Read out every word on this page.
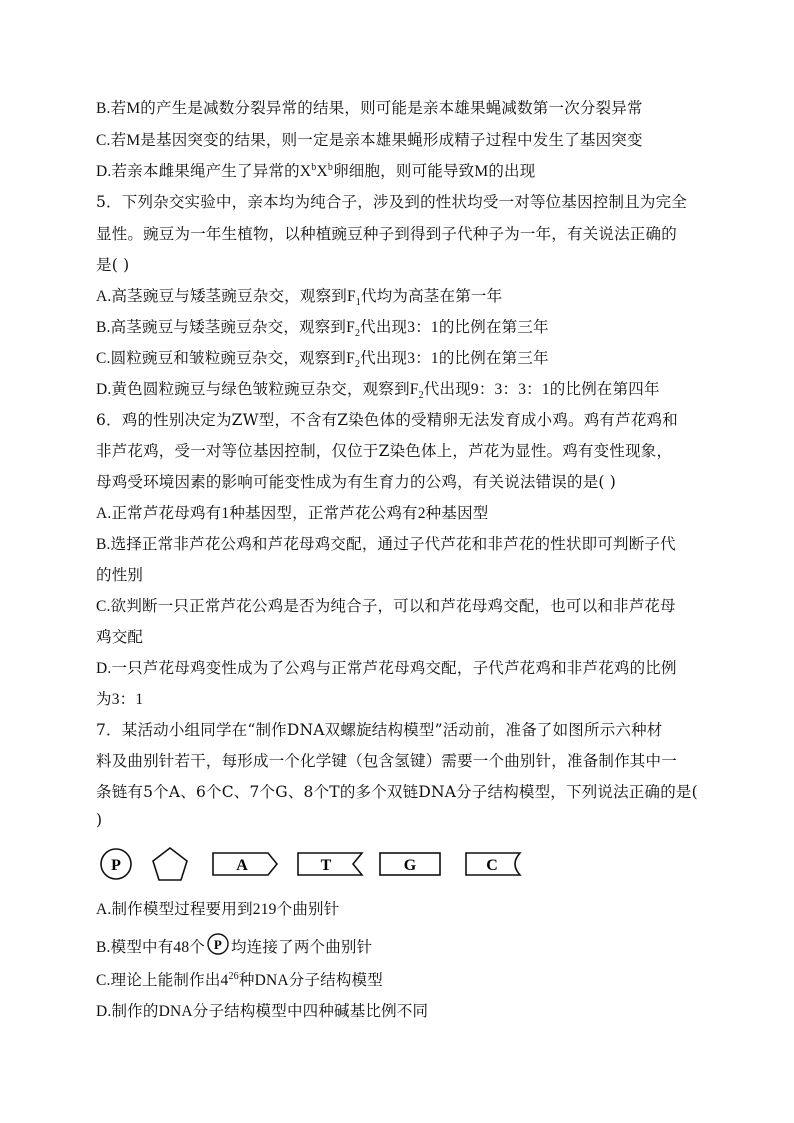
B.若M的产生是减数分裂异常的结果，则可能是亲本雄果蝇减数第一次分裂异常
C.若M是基因突变的结果，则一定是亲本雄果蝇形成精子过程中发生了基因突变
D.若亲本雌果绳产生了异常的$X^bX^b$卵细胞，则可能导致M的出现
5．下列杂交实验中，亲本均为纯合子，涉及到的性状均受一对等位基因控制且为完全
显性。豌豆为一年生植物，以种植豌豆种子到得到子代种子为一年，有关说法正确的
是( )
A.高茎豌豆与矮茎豌豆杂交，观察到$F_1$代均为高茎在第一年
B.高茎豌豆与矮茎豌豆杂交，观察到$F_2$代出现3：1的比例在第三年
C.圆粒豌豆和皱粒豌豆杂交，观察到$F_2$代出现3：1的比例在第三年
D.黄色圆粒豌豆与绿色皱粒豌豆杂交，观察到$F_2$代出现9：3：3：1的比例在第四年
6．鸡的性别决定为ZW型，不含有Z染色体的受精卵无法发育成小鸡。鸡有芦花鸡和
非芦花鸡，受一对等位基因控制，仅位于Z染色体上，芦花为显性。鸡有变性现象，
母鸡受环境因素的影响可能变性成为有生育力的公鸡，有关说法错误的是( )
A.正常芦花母鸡有1种基因型，正常芦花公鸡有2种基因型
B.选择正常非芦花公鸡和芦花母鸡交配，通过子代芦花和非芦花的性状即可判断子代
的性别
C.欲判断一只正常芦花公鸡是否为纯合子，可以和芦花母鸡交配，也可以和非芦花母
鸡交配
D.一只芦花母鸡变性成为了公鸡与正常芦花母鸡交配，子代芦花鸡和非芦花鸡的比例
为3：1
7．某活动小组同学在“制作DNA双螺旋结构模型”活动前，准备了如图所示六种材
料及曲别针若干，每形成一个化学键（包含氢键）需要一个曲别针，准备制作其中一
条链有5个A、6个C、7个G、8个T的多个双链DNA分子结构模型，下列说法正确的是(
)
P	A	T	G	C
A.制作模型过程要用到219个曲别针
B.模型中有48个 P 均连接了两个曲别针
C.理论上能制作出$4^{26}$种DNA分子结构模型
D.制作的DNA分子结构模型中四种碱基比例不同
